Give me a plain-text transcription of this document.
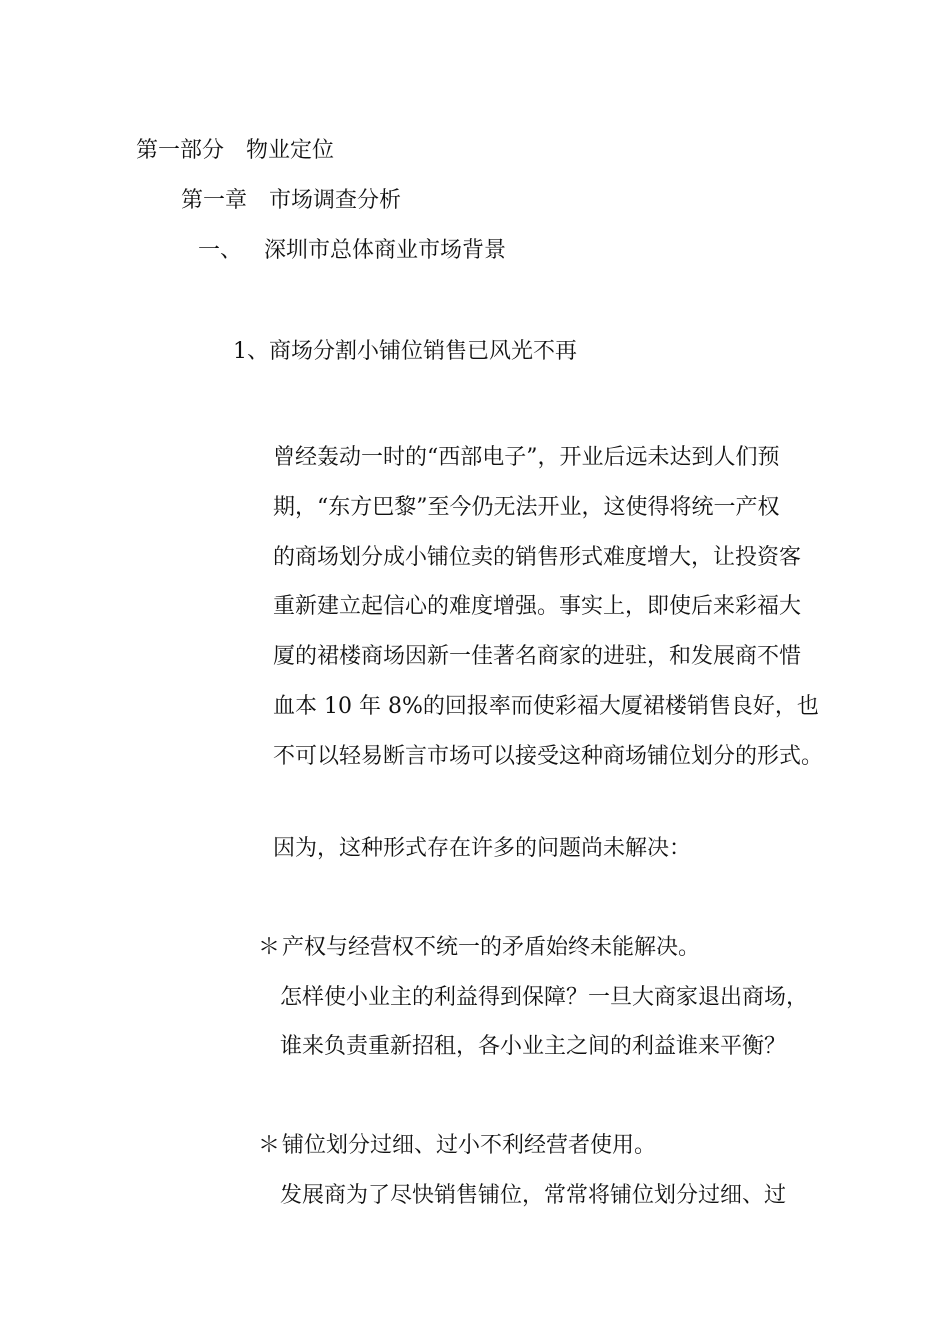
第一部分　物业定位
第一章　市场调查分析
一、 深圳市总体商业市场背景
1、商场分割小铺位销售已风光不再
曾经轰动一时的“西部电子”，开业后远未达到人们预
期，“东方巴黎”至今仍无法开业，这使得将统一产权
的商场划分成小铺位卖的销售形式难度增大，让投资客
重新建立起信心的难度增强。事实上，即使后来彩福大
厦的裙楼商场因新一佳著名商家的进驻，和发展商不惜
血本 10 年 8%的回报率而使彩福大厦裙楼销售良好，也
不可以轻易断言市场可以接受这种商场铺位划分的形式。
因为，这种形式存在许多的问题尚未解决：
＊ 产权与经营权不统一的矛盾始终未能解决。
怎样使小业主的利益得到保障？一旦大商家退出商场，
谁来负责重新招租，各小业主之间的利益谁来平衡？
＊ 铺位划分过细、过小不利经营者使用。
发展商为了尽快销售铺位，常常将铺位划分过细、过
